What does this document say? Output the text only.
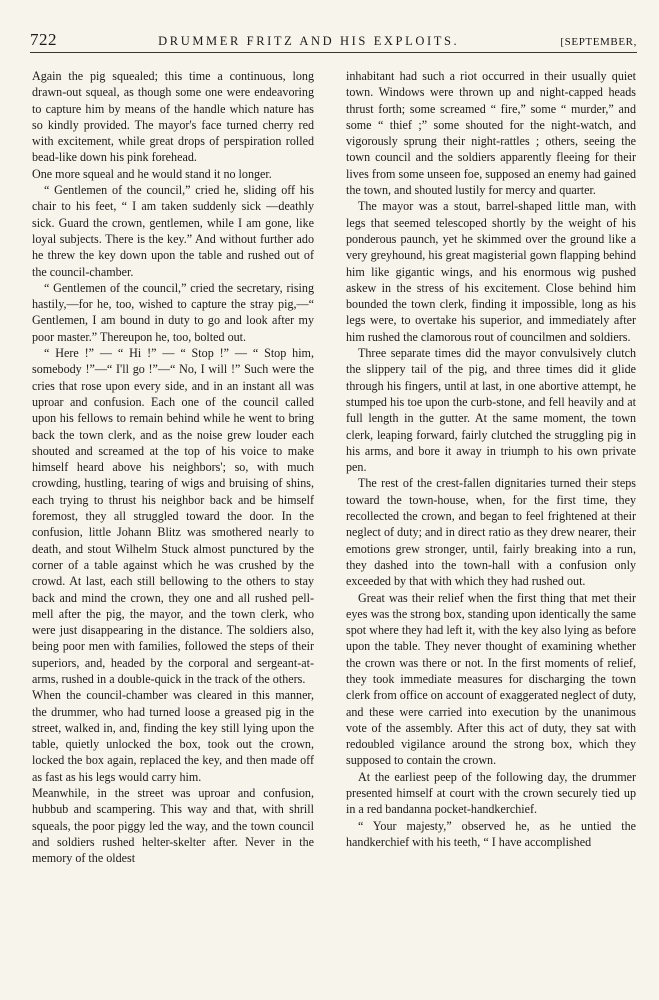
722	DRUMMER FRITZ AND HIS EXPLOITS.	[SEPTEMBER,

Again the pig squealed; this time a continuous, long drawn-out squeal, as though some one were endeavoring to capture him by means of the handle which nature has so kindly provided. The mayor's face turned cherry red with excitement, while great drops of perspiration rolled bead-like down his pink forehead.

One more squeal and he would stand it no longer.

“ Gentlemen of the council,” cried he, sliding off his chair to his feet, “ I am taken suddenly sick —deathly sick. Guard the crown, gentlemen, while I am gone, like loyal subjects. There is the key.” And without further ado he threw the key down upon the table and rushed out of the council-chamber.

“ Gentlemen of the council,” cried the secretary, rising hastily,—for he, too, wished to capture the stray pig,—“ Gentlemen, I am bound in duty to go and look after my poor master.” Thereupon he, too, bolted out.

“ Here !” — “ Hi !” — “ Stop !” — “ Stop him, somebody !”—“ I'll go !”—“ No, I will !” Such were the cries that rose upon every side, and in an instant all was uproar and confusion. Each one of the council called upon his fellows to remain behind while he went to bring back the town clerk, and as the noise grew louder each shouted and screamed at the top of his voice to make himself heard above his neighbors'; so, with much crowding, hustling, tearing of wigs and bruising of shins, each trying to thrust his neighbor back and be himself foremost, they all struggled toward the door. In the confusion, little Johann Blitz was smothered nearly to death, and stout Wilhelm Stuck almost punctured by the corner of a table against which he was crushed by the crowd. At last, each still bellowing to the others to stay back and mind the crown, they one and all rushed pell-mell after the pig, the mayor, and the town clerk, who were just disappearing in the distance. The soldiers also, being poor men with families, followed the steps of their superiors, and, headed by the corporal and sergeant-at-arms, rushed in a double-quick in the track of the others.

When the council-chamber was cleared in this manner, the drummer, who had turned loose a greased pig in the street, walked in, and, finding the key still lying upon the table, quietly unlocked the box, took out the crown, locked the box again, replaced the key, and then made off as fast as his legs would carry him.

Meanwhile, in the street was uproar and confusion, hubbub and scampering. This way and that, with shrill squeals, the poor piggy led the way, and the town council and soldiers rushed helter-skelter after. Never in the memory of the oldest

inhabitant had such a riot occurred in their usually quiet town. Windows were thrown up and night-capped heads thrust forth; some screamed “ fire,” some “ murder,” and some “ thief ;” some shouted for the night-watch, and vigorously sprung their night-rattles ; others, seeing the town council and the soldiers apparently fleeing for their lives from some unseen foe, supposed an enemy had gained the town, and shouted lustily for mercy and quarter.

The mayor was a stout, barrel-shaped little man, with legs that seemed telescoped shortly by the weight of his ponderous paunch, yet he skimmed over the ground like a very greyhound, his great magisterial gown flapping behind him like gigantic wings, and his enormous wig pushed askew in the stress of his excitement. Close behind him bounded the town clerk, finding it impossible, long as his legs were, to overtake his superior, and immediately after him rushed the clamorous rout of councilmen and soldiers.

Three separate times did the mayor convulsively clutch the slippery tail of the pig, and three times did it glide through his fingers, until at last, in one abortive attempt, he stumped his toe upon the curb-stone, and fell heavily and at full length in the gutter. At the same moment, the town clerk, leaping forward, fairly clutched the struggling pig in his arms, and bore it away in triumph to his own private pen.

The rest of the crest-fallen dignitaries turned their steps toward the town-house, when, for the first time, they recollected the crown, and began to feel frightened at their neglect of duty; and in direct ratio as they drew nearer, their emotions grew stronger, until, fairly breaking into a run, they dashed into the town-hall with a confusion only exceeded by that with which they had rushed out.

Great was their relief when the first thing that met their eyes was the strong box, standing upon identically the same spot where they had left it, with the key also lying as before upon the table. They never thought of examining whether the crown was there or not. In the first moments of relief, they took immediate measures for discharging the town clerk from office on account of exaggerated neglect of duty, and these were carried into execution by the unanimous vote of the assembly. After this act of duty, they sat with redoubled vigilance around the strong box, which they supposed to contain the crown.

At the earliest peep of the following day, the drummer presented himself at court with the crown securely tied up in a red bandanna pocket-handkerchief.

“ Your majesty,” observed he, as he untied the handkerchief with his teeth, “ I have accomplished
